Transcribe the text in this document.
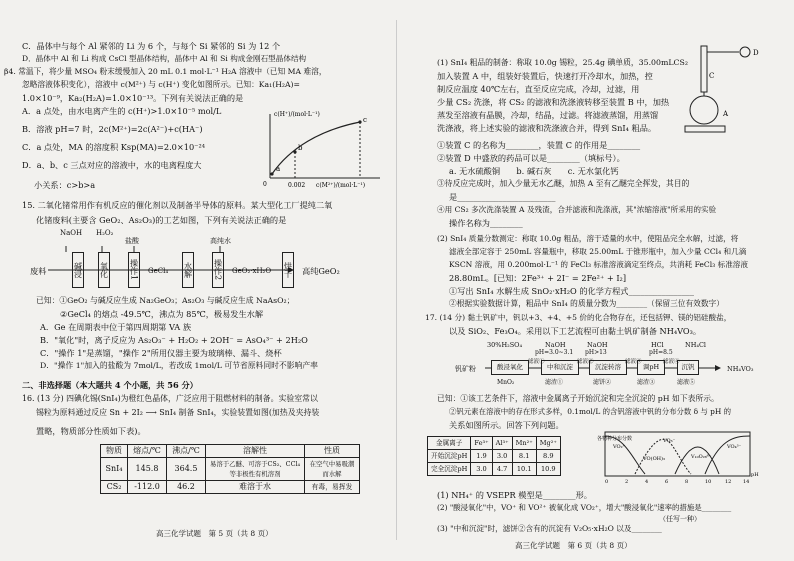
C．晶体中与每个 Al 紧邻的 Li 为 6 个，与每个 Si 紧邻的 Si 为 12 个
D．晶体中 Al 和 Li 构成 CsCl 型晶体结构，晶体中 Al 和 Si 构成金刚石型晶体结构
β4. 常温下，将少量 MSO₄ 粉末缓慢加入 20 mL 0.1 mol·L⁻¹ H₂A 溶液中（已知 MA 难溶，
忽略溶液体积变化），溶液中 c(M²⁺) 与 c(H⁺) 变化如图所示。已知：Ka₁(H₂A)=
1.0×10⁻⁹，Ka₂(H₂A)=1.0×10⁻¹³。下列有关说法正确的是
A．a 点处，由水电离产生的 c(H⁺)>1.0×10⁻⁵ mol/L
B．溶液 pH=7 时，2c(M²⁺)=2c(A²⁻)+c(HA⁻)
C．a 点处，MA 的溶度积 Ksp(MA)=2.0×10⁻²⁴
D．a、b、c 三点对应的溶液中，水的电离程度大
小关系：c>b>a
a
b
c
c(H⁺)/(mol·L⁻¹)
c(M²⁺)/(mol·L⁻¹)
0.002
0
15. 二氧化锗常用作有机反应的催化剂以及制备半导体的原料。某大型化工厂提纯二氧
化锗废料(主要含 GeO₂、As₂O₃)的工艺如图，下列有关说法正确的是
NaOH H₂O₂
盐酸	高纯水
废料	碱浸 氧化	操作1 GeCl₄ 水解	操作2 GeO₂·xH₂O 烘干 高纯GeO₂
已知：①GeO₂ 与碱反应生成 Na₂GeO₃；As₂O₃ 与碱反应生成 NaAsO₂；
②GeCl₄ 的熔点 -49.5℃，沸点为 85℃，极易发生水解
A．Ge 在周期表中位于第四周期第 VA 族
B．"氧化"时，离子反应为 As₂O₃⁻ + H₂O₂ + 2OH⁻ = AsO₄³⁻ + 2H₂O
C．"操作 1"是蒸馏，"操作 2"所用仪器主要为玻璃棒、漏斗、烧杯
D．"操作 1"加入的盐酸为 7mol/L，若改成 1mol/L 可节省原料同时不影响产率
二、非选择题（本大题共 4 个小题，共 56 分）
16. (13 分) 四碘化锡(SnI₄)为橙红色晶体，广泛应用于阻燃材料的制备。实验室常以
锡粒为原料通过反应 Sn + 2I₂ ⟶ SnI₄ 制备 SnI₄，实验装置如图(加热及夹持装
置略，物质部分性质如下表)。
物质	熔点/℃	沸点/℃	溶解性	性质
SnI₄	145.8	364.5	易溶于乙醚、可溶于CS₂、CCl₄等非极性有机溶剂	在空气中易吸潮而水解
CS₂	-112.0	46.2	难溶于水	有毒，易挥发
高三化学试题　第 5 页（共 8 页）
(1) SnI₄ 粗品的制备：称取 10.0g 锡粒，25.4g 碘单质，35.00mLCS₂
加入装置 A 中，组装好装置后，快速打开冷却水，加热，控
制反应温度 40℃左右，直至反应完成，冷却，过滤，用
少量 CS₂ 洗涤，将 CS₂ 的滤液和洗涤液转移至装置 B 中，加热
蒸发至溶液有晶膜，冷却，结晶，过滤。将滤液蒸馏，用蒸馏
洗涤液，将上述实验的滤液和洗涤液合并，得到 SnI₄ 粗品。
D
C
A
①装置 C 的名称为________，装置 C 的作用是________
②装置 D 中盛放的药品可以是________（填标号）。
a. 无水硫酸铜　　b. 碱石灰　　c. 无水氯化钙
③待反应完成时，加入少量无水乙醚，加热 A 至有乙醚完全挥发，其目的
是________________________
④用 CS₂ 多次洗涤装置 A 及残渣，合并滤液和洗涤液，其"浓缩溶液"所采用的实验
操作名称为________
(2) SnI₄ 质量分数测定：称取 10.0g 粗品，溶于适量的水中，使阻品完全水解，过滤，将
滤液全部定容于 250mL 容量瓶中，移取 25.00mL 于锥形瓶中，加入少量 CCl₄ 和几滴
KSCN 溶液，用 0.200mol·L⁻¹ 的 FeCl₃ 标准溶液滴定至终点，共消耗 FeCl₃ 标准溶液
28.80mL。[已知：2Fe³⁺ + 2I⁻ = 2Fe²⁺ + I₂]
①写出 SnI₄ 水解生成 SnO₂·xH₂O 的化学方程式________________
②根据实验数据计算，粗品中 SnI₄ 的质量分数为________（保留三位有效数字）
17. (14 分) 黏土钒矿中，钒以+3、+4、+5 价的化合物存在，还包括钾、镁的铝硅酸盐，
以及 SiO₂、Fe₃O₄。采用以下工艺流程可由黏土钒矿制备 NH₄VO₃。
30%H₂SO₄	NaOH	NaOH	HCl	NH₄Cl
pH=3.0~3.1 pH>13	pH=8.5
钒矿粉	酸浸氧化	中和沉淀	沉淀转溶	调pH	沉钒	NH₄VO₃
滤液①	滤液②	滤液③	滤液④
MnO₂	滤渣①	滤饼②	滤渣③	滤液⑤
已知：①该工艺条件下，溶液中金属离子开始沉淀和完全沉淀的 pH 如下表所示。
②钒元素在溶液中的存在形式多样，0.1mol/L 的含钒溶液中钒的分布分数 δ 与 pH 的
关系如图所示。回答下列问题。
金属离子	Fe³⁺	Al³⁺	Mn²⁺	Mg²⁺
开始沉淀pH	1.9	3.0	8.1	8.9
完全沉淀pH	3.0	4.7	10.1	10.9
各物种分布分数
VO₂⁺
VO(OH)₃
VO₃⁻
V₁₀O₂₈⁶⁻
VO₄³⁻
0	2	4	6	8	10	12 14
pH
(1) NH₄⁺ 的 VSEPR 模型是________形。
(2) "酸浸氧化"中，VO⁺ 和 VO²⁺ 被氧化成 VO₂⁺，增大"酸浸氧化"速率的措施是________
（任写一种）
(3) "中和沉淀"时，滤饼②含有的沉淀有 V₂O₅·xH₂O 以及________
高三化学试题　第 6 页（共 8 页）
